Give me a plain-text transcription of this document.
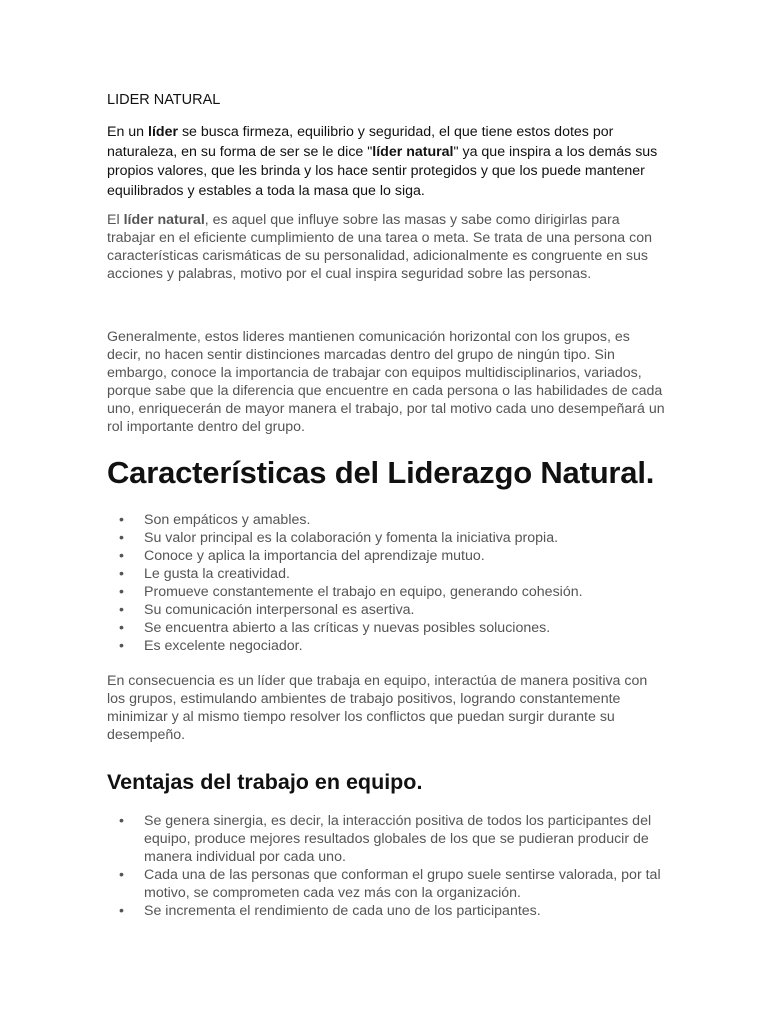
LIDER NATURAL

En un líder se busca firmeza, equilibrio y seguridad, el que tiene estos dotes por naturaleza, en su forma de ser se le dice "líder natural" ya que inspira a los demás sus propios valores, que les brinda y los hace sentir protegidos y que los puede mantener equilibrados y estables a toda la masa que lo siga.

El líder natural, es aquel que influye sobre las masas y sabe como dirigirlas para trabajar en el eficiente cumplimiento de una tarea o meta. Se trata de una persona con características carismáticas de su personalidad, adicionalmente es congruente en sus acciones y palabras, motivo por el cual inspira seguridad sobre las personas.

Generalmente, estos lideres mantienen comunicación horizontal con los grupos, es decir, no hacen sentir distinciones marcadas dentro del grupo de ningún tipo. Sin embargo, conoce la importancia de trabajar con equipos multidisciplinarios, variados, porque sabe que la diferencia que encuentre en cada persona o las habilidades de cada uno, enriquecerán de mayor manera el trabajo, por tal motivo cada uno desempeñará un rol importante dentro del grupo.

Características del Liderazgo Natural.
• Son empáticos y amables.
• Su valor principal es la colaboración y fomenta la iniciativa propia.
• Conoce y aplica la importancia del aprendizaje mutuo.
• Le gusta la creatividad.
• Promueve constantemente el trabajo en equipo, generando cohesión.
• Su comunicación interpersonal es asertiva.
• Se encuentra abierto a las críticas y nuevas posibles soluciones.
• Es excelente negociador.

En consecuencia es un líder que trabaja en equipo, interactúa de manera positiva con los grupos, estimulando ambientes de trabajo positivos, logrando constantemente minimizar y al mismo tiempo resolver los conflictos que puedan surgir durante su desempeño.

Ventajas del trabajo en equipo.
• Se genera sinergia, es decir, la interacción positiva de todos los participantes del equipo, produce mejores resultados globales de los que se pudieran producir de manera individual por cada uno.
• Cada una de las personas que conforman el grupo suele sentirse valorada, por tal motivo, se comprometen cada vez más con la organización.
• Se incrementa el rendimiento de cada uno de los participantes.
